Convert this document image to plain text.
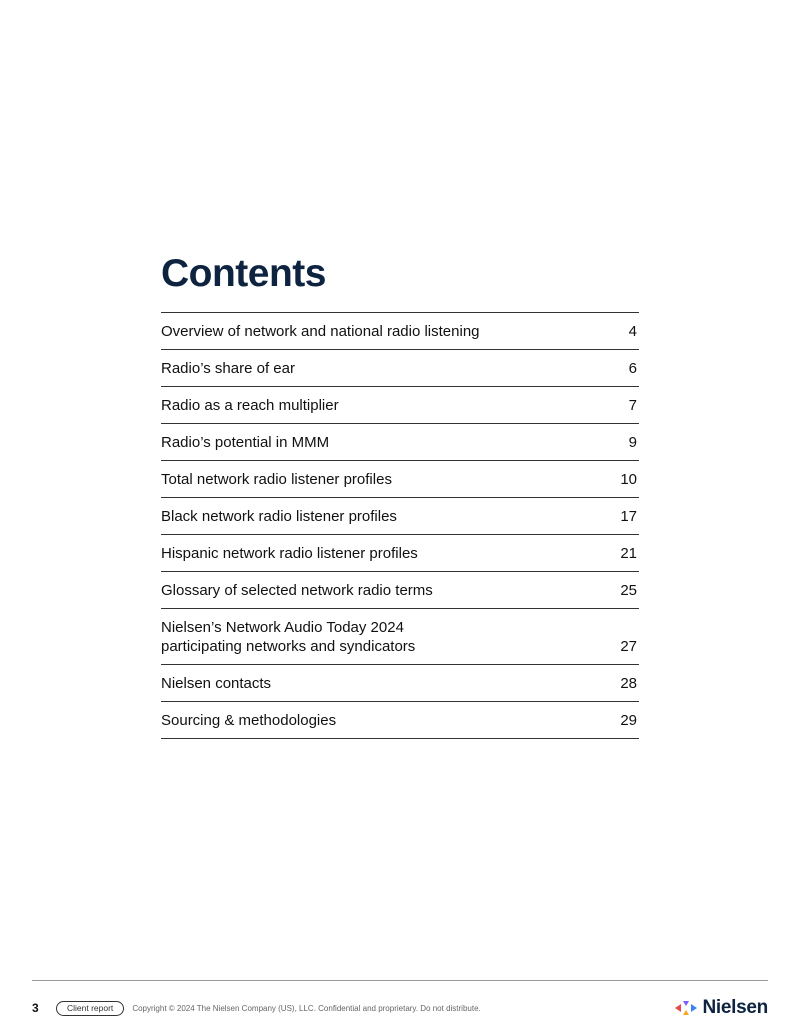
Contents
Overview of network and national radio listening	4
Radio’s share of ear	6
Radio as a reach multiplier	7
Radio’s potential in MMM	9
Total network radio listener profiles	10
Black network radio listener profiles	17
Hispanic network radio listener profiles	21
Glossary of selected network radio terms	25
Nielsen’s Network Audio Today 2024
participating networks and syndicators	27
Nielsen contacts	28
Sourcing & methodologies	29
3	Client report	Copyright © 2024 The Nielsen Company (US), LLC. Confidential and proprietary. Do not distribute.	Nielsen
